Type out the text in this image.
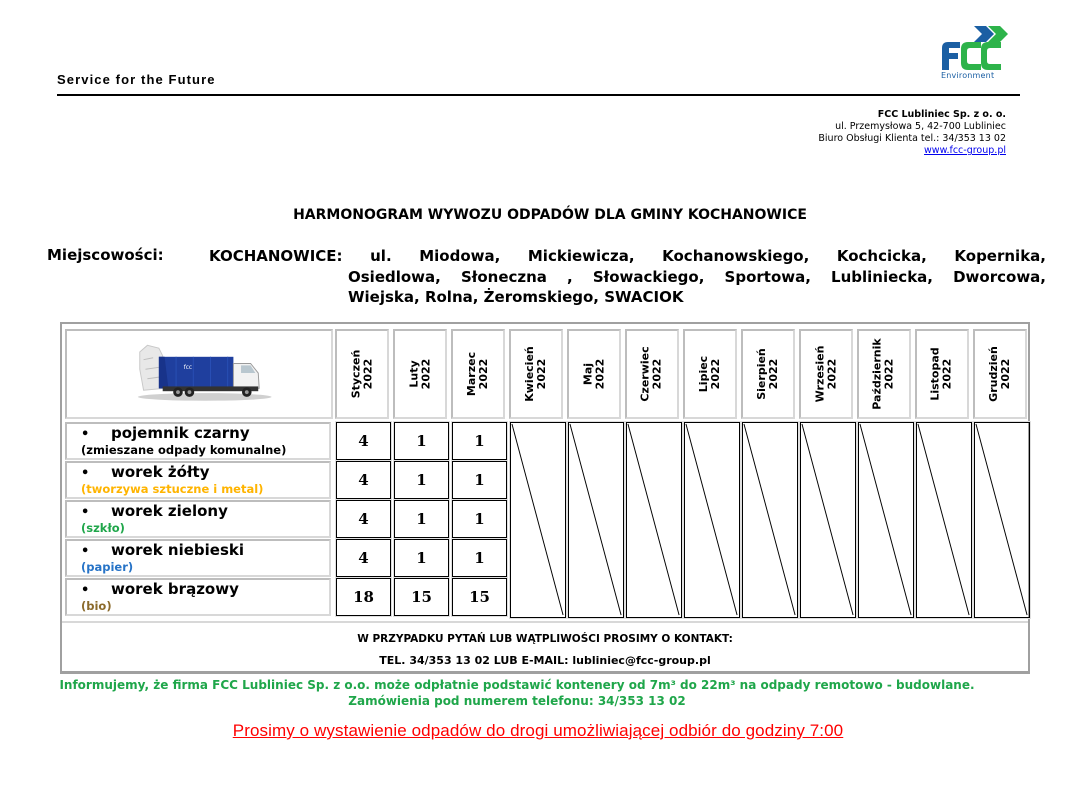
Service for the Future	Environment
FCC Lubliniec Sp. z o. o.
ul. Przemysłowa 5, 42-700 Lubliniec
Biuro Obsługi Klienta tel.: 34/353 13 02
www.fcc-group.pl
HARMONOGRAM WYWOZU ODPADÓW DLA GMINY KOCHANOWICE
Miejscowości:	KOCHANOWICE: ul. Miodowa, Mickiewicza, Kochanowskiego, Kochcicka, Kopernika,
Osiedlowa, Słoneczna , Słowackiego, Sportowa, Lubliniecka, Dworcowa,
Wiejska, Rolna, Żeromskiego, SWACIOK
fcc	Styczeń 2022	Luty 2022	Marzec 2022	Kwiecień 2022	Maj 2022	Czerwiec 2022	Lipiec 2022	Sierpień 2022	Wrzesień 2022	Październik 2022	Listopad 2022	Grudzień 2022
• pojemnik czarny
(zmieszane odpady komunalne)	4	1	1
• worek żółty
(tworzywa sztuczne i metal)	4	1	1
• worek zielony
(szkło)	4	1	1
• worek niebieski
(papier)	4	1	1
• worek brązowy
(bio)	18	15	15
W PRZYPADKU PYTAŃ LUB WĄTPLIWOŚCI PROSIMY O KONTAKT:
TEL. 34/353 13 02 LUB E-MAIL: lubliniec@fcc-group.pl
Informujemy, że firma FCC Lubliniec Sp. z o.o. może odpłatnie podstawić kontenery od 7m³ do 22m³ na odpady remotowo - budowlane.
Zamówienia pod numerem telefonu: 34/353 13 02
Prosimy o wystawienie odpadów do drogi umożliwiającej odbiór do godziny 7:00
